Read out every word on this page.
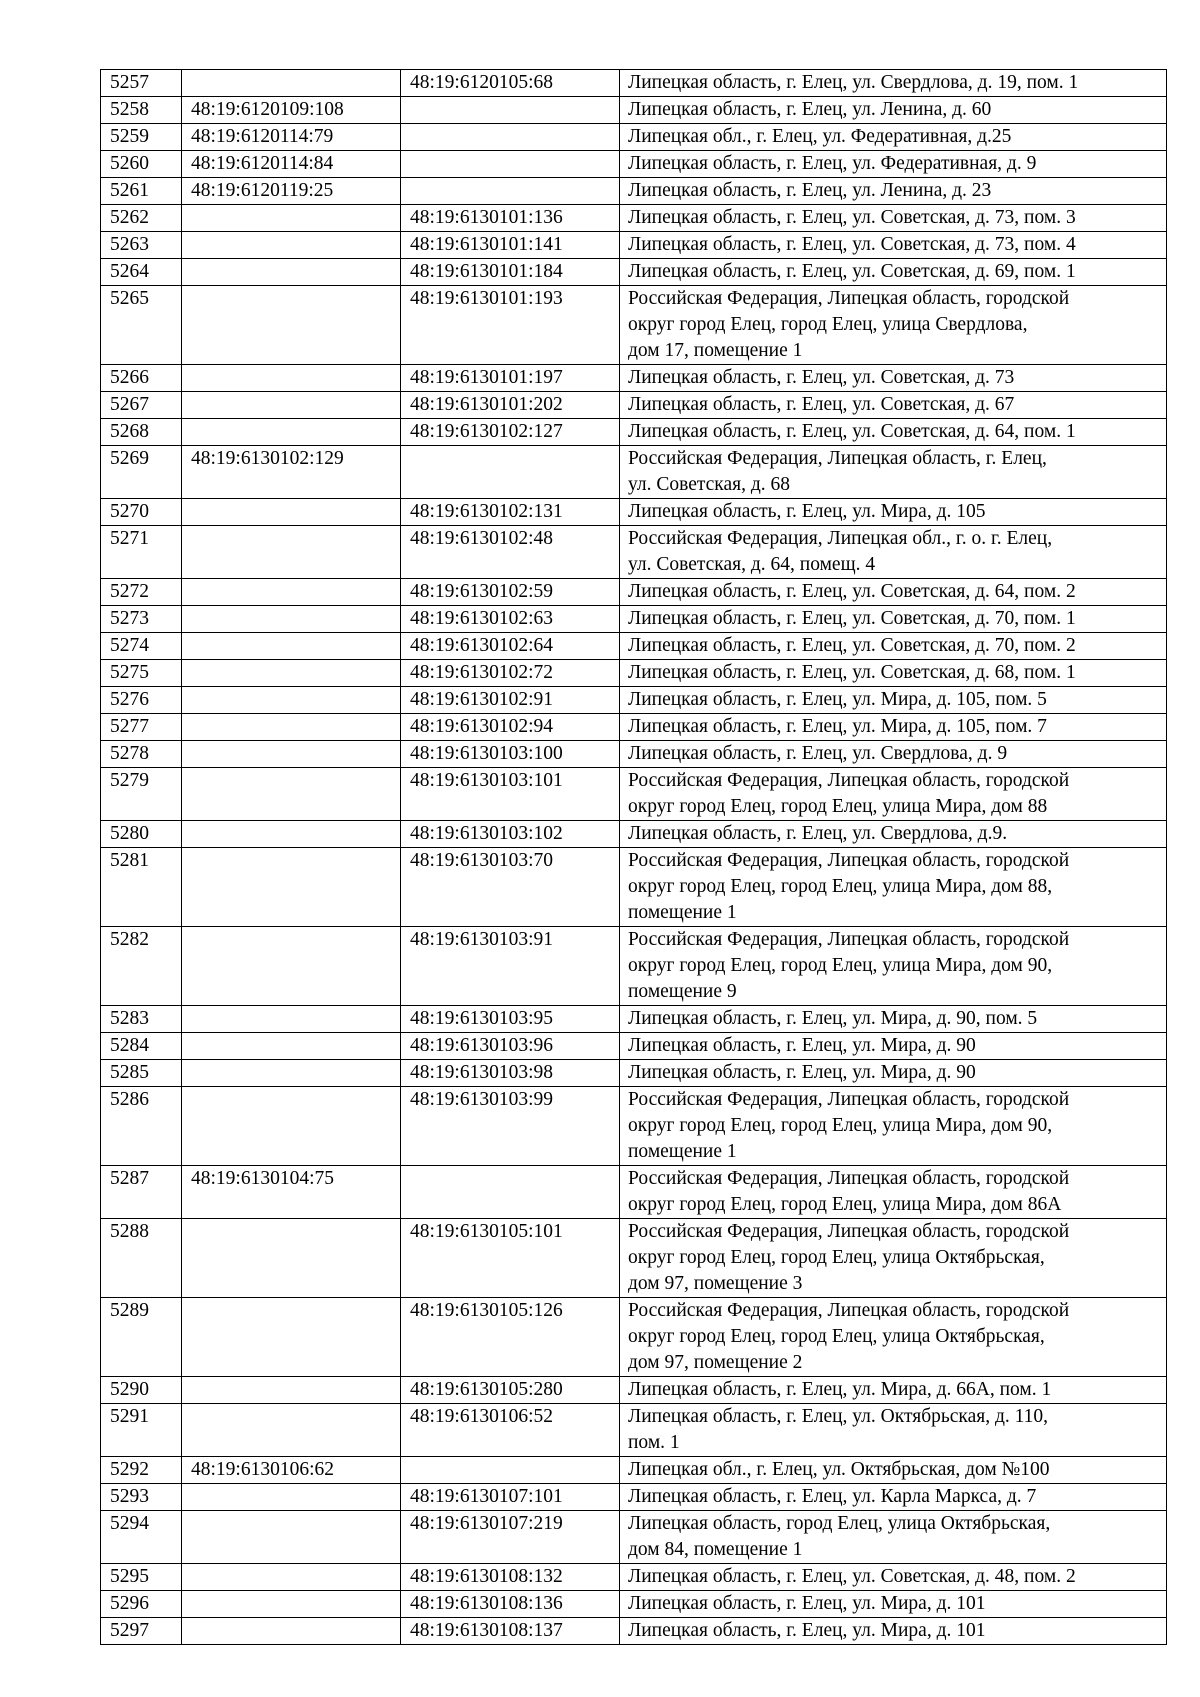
5257		48:19:6120105:68	Липецкая область, г. Елец, ул. Свердлова, д. 19, пом. 1
5258	48:19:6120109:108		Липецкая область, г. Елец, ул. Ленина, д. 60
5259	48:19:6120114:79		Липецкая обл., г. Елец, ул. Федеративная, д.25
5260	48:19:6120114:84		Липецкая область, г. Елец, ул. Федеративная, д. 9
5261	48:19:6120119:25		Липецкая область, г. Елец, ул. Ленина, д. 23
5262		48:19:6130101:136	Липецкая область, г. Елец, ул. Советская, д. 73, пом. 3
5263		48:19:6130101:141	Липецкая область, г. Елец, ул. Советская, д. 73, пом. 4
5264		48:19:6130101:184	Липецкая область, г. Елец, ул. Советская, д. 69, пом. 1
5265		48:19:6130101:193	Российская Федерация, Липецкая область, городской
округ город Елец, город Елец, улица Свердлова,
дом 17, помещение 1
5266		48:19:6130101:197	Липецкая область, г. Елец, ул. Советская, д. 73
5267		48:19:6130101:202	Липецкая область, г. Елец, ул. Советская, д. 67
5268		48:19:6130102:127	Липецкая область, г. Елец, ул. Советская, д. 64, пом. 1
5269	48:19:6130102:129		Российская Федерация, Липецкая область, г. Елец,
ул. Советская, д. 68
5270		48:19:6130102:131	Липецкая область, г. Елец, ул. Мира, д. 105
5271		48:19:6130102:48	Российская Федерация, Липецкая обл., г. о. г. Елец,
ул. Советская, д. 64, помещ. 4
5272		48:19:6130102:59	Липецкая область, г. Елец, ул. Советская, д. 64, пом. 2
5273		48:19:6130102:63	Липецкая область, г. Елец, ул. Советская, д. 70, пом. 1
5274		48:19:6130102:64	Липецкая область, г. Елец, ул. Советская, д. 70, пом. 2
5275		48:19:6130102:72	Липецкая область, г. Елец, ул. Советская, д. 68, пом. 1
5276		48:19:6130102:91	Липецкая область, г. Елец, ул. Мира, д. 105, пом. 5
5277		48:19:6130102:94	Липецкая область, г. Елец, ул. Мира, д. 105, пом. 7
5278		48:19:6130103:100	Липецкая область, г. Елец, ул. Свердлова, д. 9
5279		48:19:6130103:101	Российская Федерация, Липецкая область, городской
округ город Елец, город Елец, улица Мира, дом 88
5280		48:19:6130103:102	Липецкая область, г. Елец, ул. Свердлова, д.9.
5281		48:19:6130103:70	Российская Федерация, Липецкая область, городской
округ город Елец, город Елец, улица Мира, дом 88,
помещение 1
5282		48:19:6130103:91	Российская Федерация, Липецкая область, городской
округ город Елец, город Елец, улица Мира, дом 90,
помещение 9
5283		48:19:6130103:95	Липецкая область, г. Елец, ул. Мира, д. 90, пом. 5
5284		48:19:6130103:96	Липецкая область, г. Елец, ул. Мира, д. 90
5285		48:19:6130103:98	Липецкая область, г. Елец, ул. Мира, д. 90
5286		48:19:6130103:99	Российская Федерация, Липецкая область, городской
округ город Елец, город Елец, улица Мира, дом 90,
помещение 1
5287	48:19:6130104:75		Российская Федерация, Липецкая область, городской
округ город Елец, город Елец, улица Мира, дом 86А
5288		48:19:6130105:101	Российская Федерация, Липецкая область, городской
округ город Елец, город Елец, улица Октябрьская,
дом 97, помещение 3
5289		48:19:6130105:126	Российская Федерация, Липецкая область, городской
округ город Елец, город Елец, улица Октябрьская,
дом 97, помещение 2
5290		48:19:6130105:280	Липецкая область, г. Елец, ул. Мира, д. 66А, пом. 1
5291		48:19:6130106:52	Липецкая область, г. Елец, ул. Октябрьская, д. 110,
пом. 1
5292	48:19:6130106:62		Липецкая обл., г. Елец, ул. Октябрьская, дом №100
5293		48:19:6130107:101	Липецкая область, г. Елец, ул. Карла Маркса, д. 7
5294		48:19:6130107:219	Липецкая область, город Елец, улица Октябрьская,
дом 84, помещение 1
5295		48:19:6130108:132	Липецкая область, г. Елец, ул. Советская, д. 48, пом. 2
5296		48:19:6130108:136	Липецкая область, г. Елец, ул. Мира, д. 101
5297		48:19:6130108:137	Липецкая область, г. Елец, ул. Мира, д. 101
